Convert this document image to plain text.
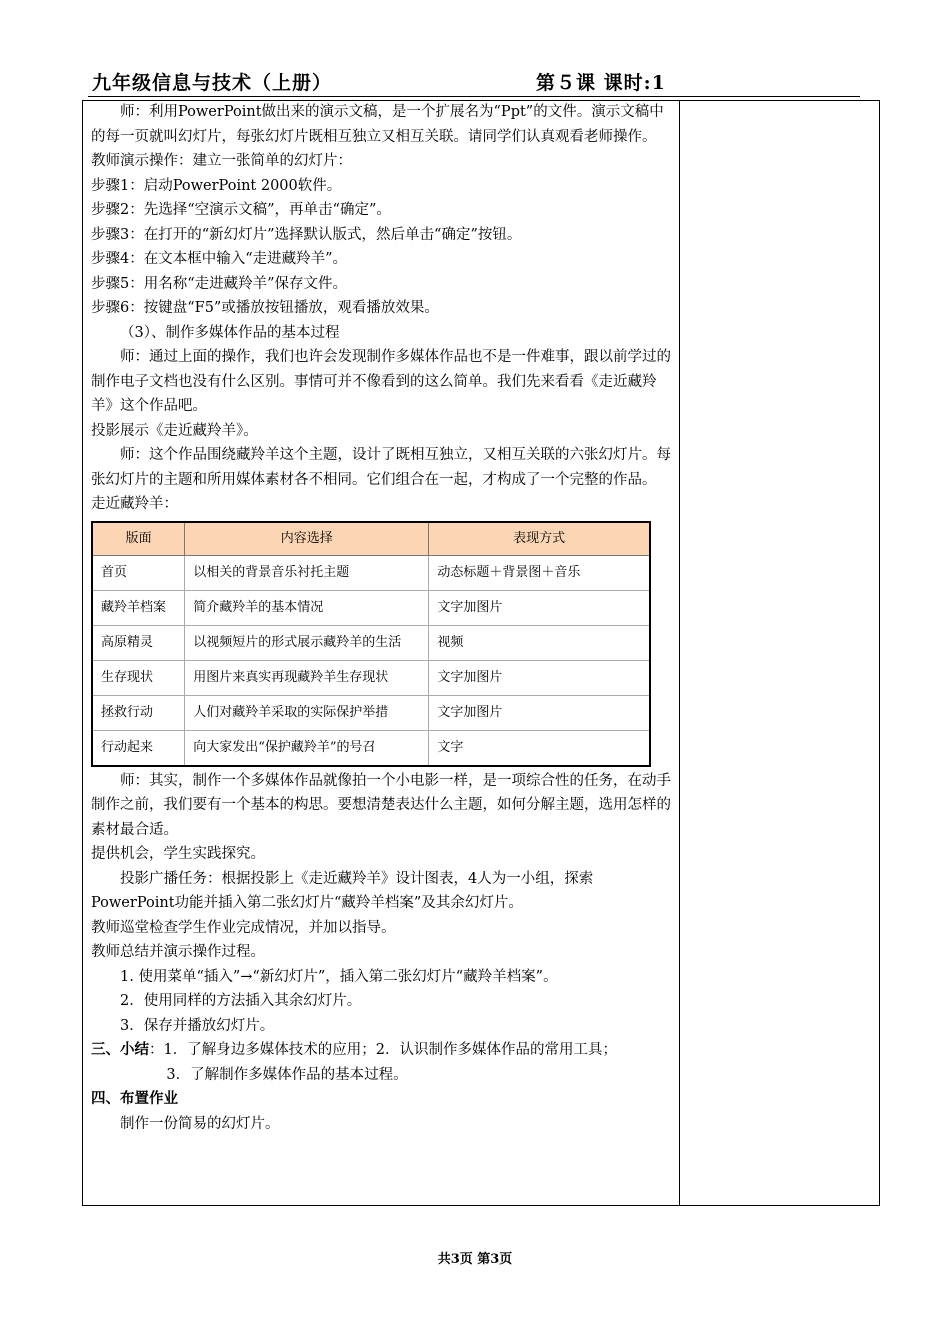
九年级信息与技术（上册）	第５课 课时:1

师：利用PowerPoint做出来的演示文稿，是一个扩展名为“Ppt”的文件。演示文稿中的每一页就叫幻灯片，每张幻灯片既相互独立又相互关联。请同学们认真观看老师操作。

教师演示操作：建立一张简单的幻灯片：

步骤1：启动PowerPoint 2000软件。

步骤2：先选择“空演示文稿”，再单击“确定”。

步骤3：在打开的“新幻灯片”选择默认版式，然后单击“确定”按钮。

步骤4：在文本框中输入“走进藏羚羊”。

步骤5：用名称“走进藏羚羊”保存文件。

步骤6：按键盘“F5”或播放按钮播放，观看播放效果。

（3）、制作多媒体作品的基本过程

师：通过上面的操作，我们也许会发现制作多媒体作品也不是一件难事，跟以前学过的制作电子文档也没有什么区别。事情可并不像看到的这么简单。我们先来看看《走近藏羚羊》这个作品吧。

投影展示《走近藏羚羊》。

师：这个作品围绕藏羚羊这个主题，设计了既相互独立，又相互关联的六张幻灯片。每张幻灯片的主题和所用媒体素材各不相同。它们组合在一起，才构成了一个完整的作品。

走近藏羚羊：

版面	内容选择	表现方式
首页	以相关的背景音乐衬托主题	动态标题＋背景图＋音乐
藏羚羊档案	简介藏羚羊的基本情况	文字加图片
高原精灵	以视频短片的形式展示藏羚羊的生活	视频
生存现状	用图片来真实再现藏羚羊生存现状	文字加图片
拯救行动	人们对藏羚羊采取的实际保护举措	文字加图片
行动起来	向大家发出“保护藏羚羊”的号召	文字

师：其实，制作一个多媒体作品就像拍一个小电影一样，是一项综合性的任务，在动手制作之前，我们要有一个基本的构思。要想清楚表达什么主题，如何分解主题，选用怎样的素材最合适。

提供机会，学生实践探究。

投影广播任务：根据投影上《走近藏羚羊》设计图表，4人为一小组，探索PowerPoint功能并插入第二张幻灯片“藏羚羊档案”及其余幻灯片。

教师巡堂检查学生作业完成情况，并加以指导。

教师总结并演示操作过程。

1. 使用菜单“插入”→“新幻灯片”，插入第二张幻灯片“藏羚羊档案”。

2．使用同样的方法插入其余幻灯片。

3．保存并播放幻灯片。

三、小结：1．了解身边多媒体技术的应用；2．认识制作多媒体作品的常用工具；

3．了解制作多媒体作品的基本过程。

四、布置作业

制作一份简易的幻灯片。

共3页 第3页
